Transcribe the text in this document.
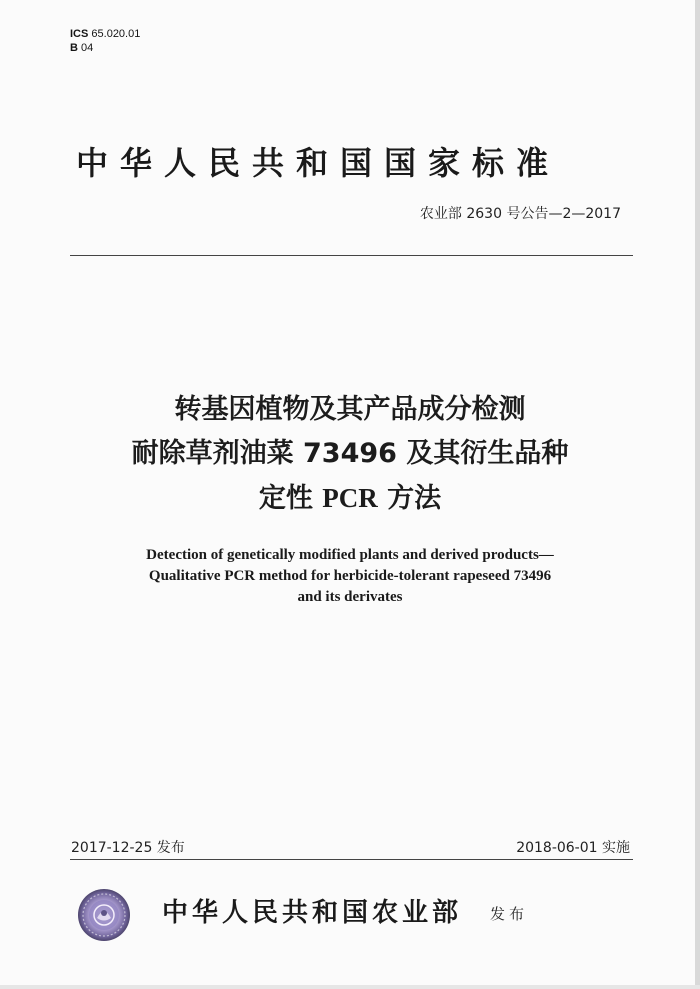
ICS 65.020.01
B 04
中华人民共和国国家标准
农业部 2630 号公告—2—2017
转基因植物及其产品成分检测
耐除草剂油菜 73496 及其衍生品种
定性 PCR 方法
Detection of genetically modified plants and derived products—
Qualitative PCR method for herbicide-tolerant rapeseed 73496
and its derivates
2017-12-25 发布	2018-06-01 实施
中华人民共和国农业部 发布
